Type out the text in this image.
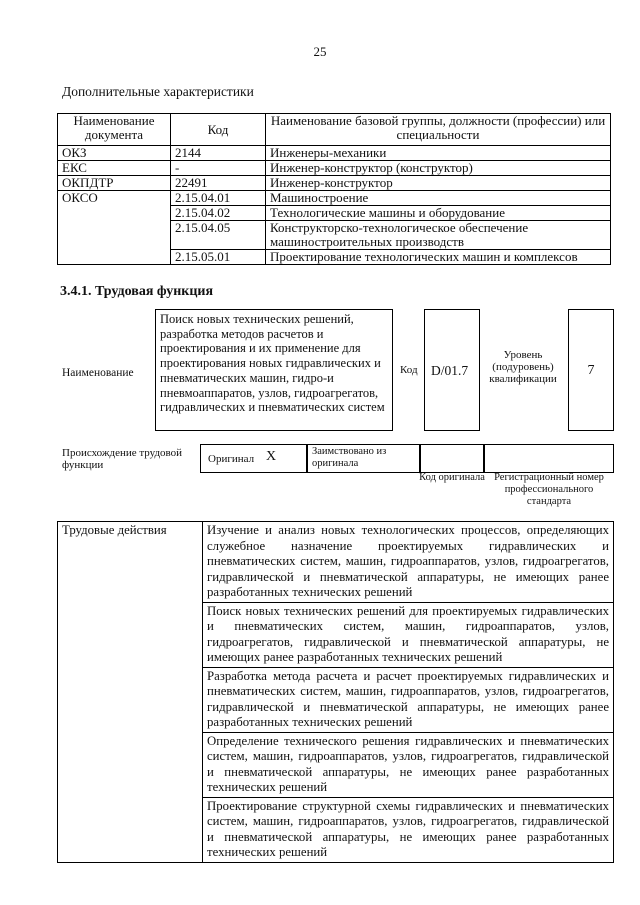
25
Дополнительные характеристики
Наименование документа	Код	Наименование базовой группы, должности (профессии) или специальности
ОКЗ	2144	Инженеры-механики
ЕКС	-	Инженер-конструктор (конструктор)
ОКПДТР	22491	Инженер-конструктор
ОКСО	2.15.04.01	Машиностроение
	2.15.04.02	Технологические машины и оборудование
	2.15.04.05	Конструкторско-технологическое обеспечение машиностроительных производств
	2.15.05.01	Проектирование технологических машин и комплексов
3.4.1. Трудовая функция
Наименование
Поиск новых технических решений, разработка методов расчетов и проектирования и их применение для проектирования новых гидравлических и пневматических машин, гидро-и пневмоаппаратов, узлов, гидроагрегатов, гидравлических и пневматических систем
Код D/01.7
Уровень (подуровень) квалификации
7
Происхождение трудовой функции	Оригинал X	Заимствовано из оригинала
Код оригинала Регистрационный номер профессионального стандарта
Трудовые действия	Изучение и анализ новых технологических процессов, определяющих служебное назначение проектируемых гидравлических и пневматических систем, машин, гидроаппаратов, узлов, гидроагрегатов, гидравлической и пневматической аппаратуры, не имеющих ранее разработанных технических решений
Поиск новых технических решений для проектируемых гидравлических и пневматических систем, машин, гидроаппаратов, узлов, гидроагрегатов, гидравлической и пневматической аппаратуры, не имеющих ранее разработанных технических решений
Разработка метода расчета и расчет проектируемых гидравлических и пневматических систем, машин, гидроаппаратов, узлов, гидроагрегатов, гидравлической и пневматической аппаратуры, не имеющих ранее разработанных технических решений
Определение технического решения гидравлических и пневматических систем, машин, гидроаппаратов, узлов, гидроагрегатов, гидравлической и пневматической аппаратуры, не имеющих ранее разработанных технических решений
Проектирование структурной схемы гидравлических и пневматических систем, машин, гидроаппаратов, узлов, гидроагрегатов, гидравлической и пневматической аппаратуры, не имеющих ранее разработанных технических решений
